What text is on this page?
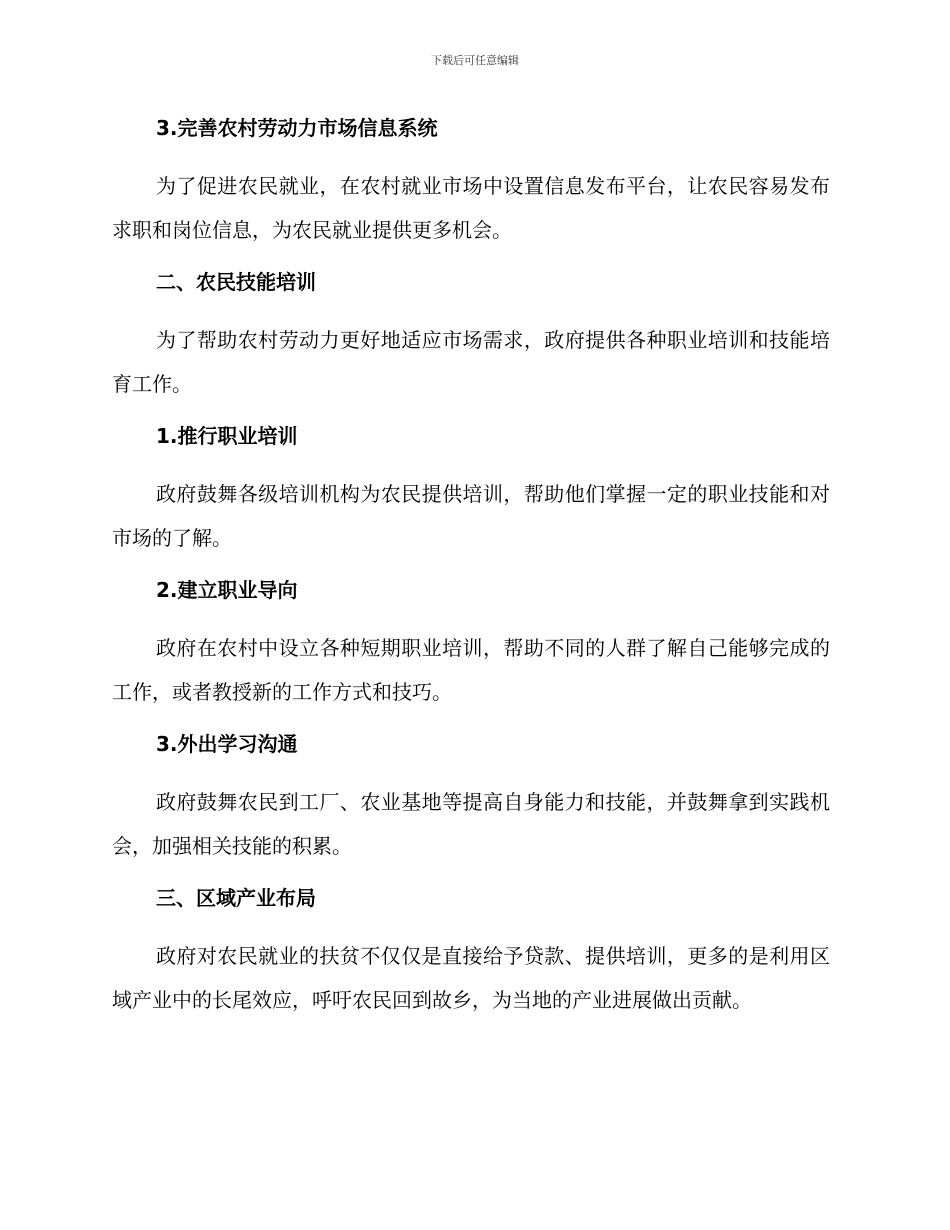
下载后可任意编辑
3.完善农村劳动力市场信息系统

为了促进农民就业，在农村就业市场中设置信息发布平台，让农民容易发布求职和岗位信息，为农民就业提供更多机会。

二、农民技能培训

为了帮助农村劳动力更好地适应市场需求，政府提供各种职业培训和技能培育工作。

1.推行职业培训

政府鼓舞各级培训机构为农民提供培训，帮助他们掌握一定的职业技能和对市场的了解。

2.建立职业导向

政府在农村中设立各种短期职业培训，帮助不同的人群了解自己能够完成的工作，或者教授新的工作方式和技巧。

3.外出学习沟通

政府鼓舞农民到工厂、农业基地等提高自身能力和技能，并鼓舞拿到实践机会，加强相关技能的积累。

三、区域产业布局

政府对农民就业的扶贫不仅仅是直接给予贷款、提供培训，更多的是利用区域产业中的长尾效应，呼吁农民回到故乡，为当地的产业进展做出贡献。
